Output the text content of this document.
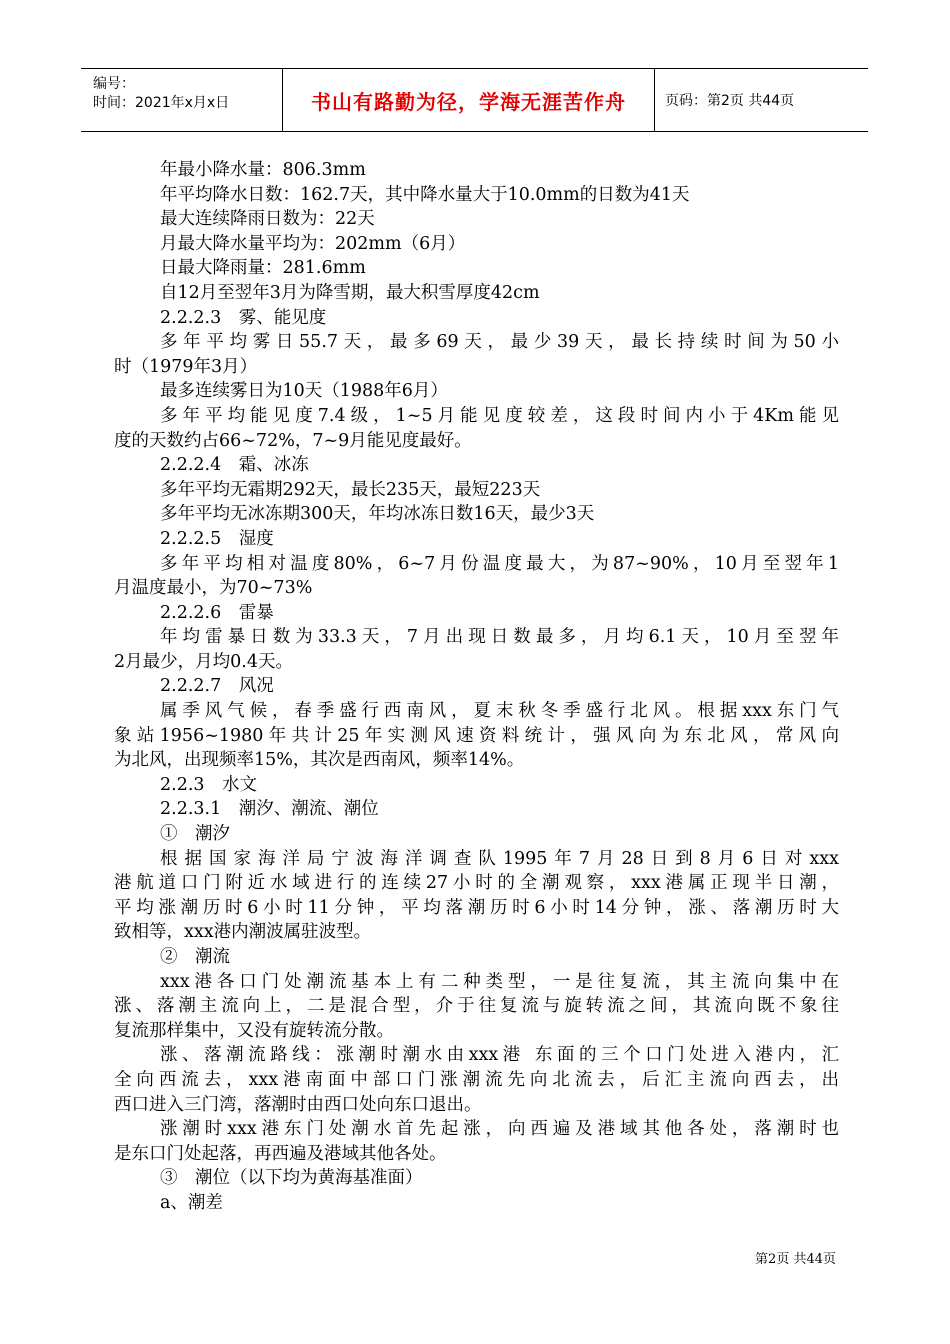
编号：
时间：2021年x月x日	书山有路勤为径，学海无涯苦作舟	页码：第2页 共44页
年最小降水量：806.3mm
年平均降水日数：162.7天，其中降水量大于10.0mm的日数为41天
最大连续降雨日数为：22天
月最大降水量平均为：202mm（6月）
日最大降雨量：281.6mm
自12月至翌年3月为降雪期，最大积雪厚度42cm
2.2.2.3　雾、能见度
多年平均雾日55.7天，最多69天，最少39天，最长持续时间为50小
时（1979年3月）
最多连续雾日为10天（1988年6月）
多年平均能见度7.4级，1~5月能见度较差，这段时间内小于4Km能见
度的天数约占66~72%，7~9月能见度最好。
2.2.2.4　霜、冰冻
多年平均无霜期292天，最长235天，最短223天
多年平均无冰冻期300天，年均冰冻日数16天，最少3天
2.2.2.5　湿度
多年平均相对温度80%，6~7月份温度最大，为87~90%，10月至翌年1
月温度最小，为70~73%
2.2.2.6　雷暴
年均雷暴日数为33.3天，7月出现日数最多，月均6.1天，10月至翌年
2月最少，月均0.4天。
2.2.2.7　风况
属季风气候，春季盛行西南风，夏末秋冬季盛行北风。根据xxx东门气
象站1956~1980年共计25年实测风速资料统计，强风向为东北风，常风向
为北风，出现频率15%，其次是西南风，频率14%。
2.2.3　水文
2.2.3.1　潮汐、潮流、潮位
①　潮汐
根据国家海洋局宁波海洋调查队1995年7月28日到8月6日对xxx
港航道口门附近水域进行的连续27小时的全潮观察，xxx港属正现半日潮，
平均涨潮历时6小时11分钟，平均落潮历时6小时14分钟，涨、落潮历时大
致相等，xxx港内潮波属驻波型。
②　潮流
xxx港各口门处潮流基本上有二种类型，一是往复流，其主流向集中在
涨、落潮主流向上，二是混合型，介于往复流与旋转流之间，其流向既不象往
复流那样集中，又没有旋转流分散。
涨、落潮流路线：涨潮时潮水由xxx港 东面的三个口门处进入港内，汇
全向西流去，xxx港南面中部口门涨潮流先向北流去，后汇主流向西去，出
西口进入三门湾，落潮时由西口处向东口退出。
涨潮时xxx港东门处潮水首先起涨，向西遍及港域其他各处，落潮时也
是东口门处起落，再西遍及港域其他各处。
③　潮位（以下均为黄海基准面）
a、潮差
第2页 共44页
